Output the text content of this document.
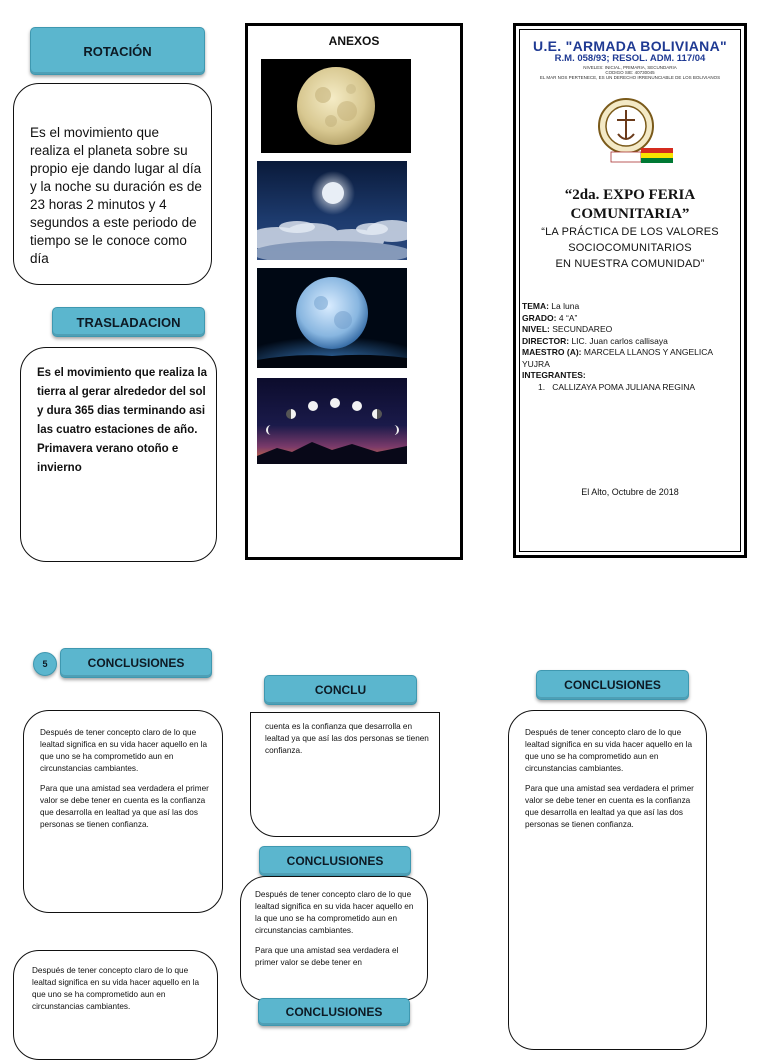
ROTACIÓN
Es el movimiento que realiza el planeta sobre su propio eje dando lugar al día y la noche su duración es de 23 horas 2 minutos y 4 segundos a este periodo de tiempo se le conoce como día
TRASLADACION
Es el movimiento que realiza la tierra al gerar alrededor del sol y dura 365 dias terminando asi las cuatro estaciones de año. Primavera verano otoño e invierno
ANEXOS	U.E. "ARMADA BOLIVIANA"
R.M. 058/93; RESOL. ADM. 117/04
NIVELES: INICIAL, PRIMARIA, SECUNDARIA
CODIGO SIE: 40730045
EL MAR NOS PERTENECE, ES UN DERECHO IRRENUNCIABLE DE LOS BOLIVIANOS
“2da. EXPO FERIA
COMUNITARIA”
“LA PRÁCTICA DE LOS VALORES
SOCIOCOMUNITARIOS
EN NUESTRA COMUNIDAD”
TEMA: La luna
GRADO: 4 “A”
NIVEL: SECUNDAREO
DIRECTOR: LIC. Juan carlos callisaya
MAESTRO (A): MARCELA LLANOS Y ANGELICA YUJRA
INTEGRANTES:
1. CALLIZAYA POMA JULIANA REGINA
El Alto, Octubre de 2018
5	CONCLUSIONES

Después de tener concepto claro de lo que lealtad significa en su vida hacer aquello en la que uno se ha comprometido aun en circunstancias cambiantes.

Para que una amistad sea verdadera el primer valor se debe tener en cuenta es la confianza que desarrolla en lealtad ya que así las dos personas se tienen confianza.

Después de tener concepto claro de lo que lealtad significa en su vida hacer aquello en la que uno se ha comprometido aun en circunstancias cambiantes.

CONCLU

cuenta es la confianza que desarrolla en lealtad ya que así las dos personas se tienen confianza.

CONCLUSIONES

Después de tener concepto claro de lo que lealtad significa en su vida hacer aquello en la que uno se ha comprometido aun en circunstancias cambiantes.

Para que una amistad sea verdadera el primer valor se debe tener en

CONCLUSIONES
CONCLUSIONES

Después de tener concepto claro de lo que lealtad significa en su vida hacer aquello en la que uno se ha comprometido aun en circunstancias cambiantes.

Para que una amistad sea verdadera el primer valor se debe tener en cuenta es la confianza que desarrolla en lealtad ya que así las dos personas se tienen confianza.
